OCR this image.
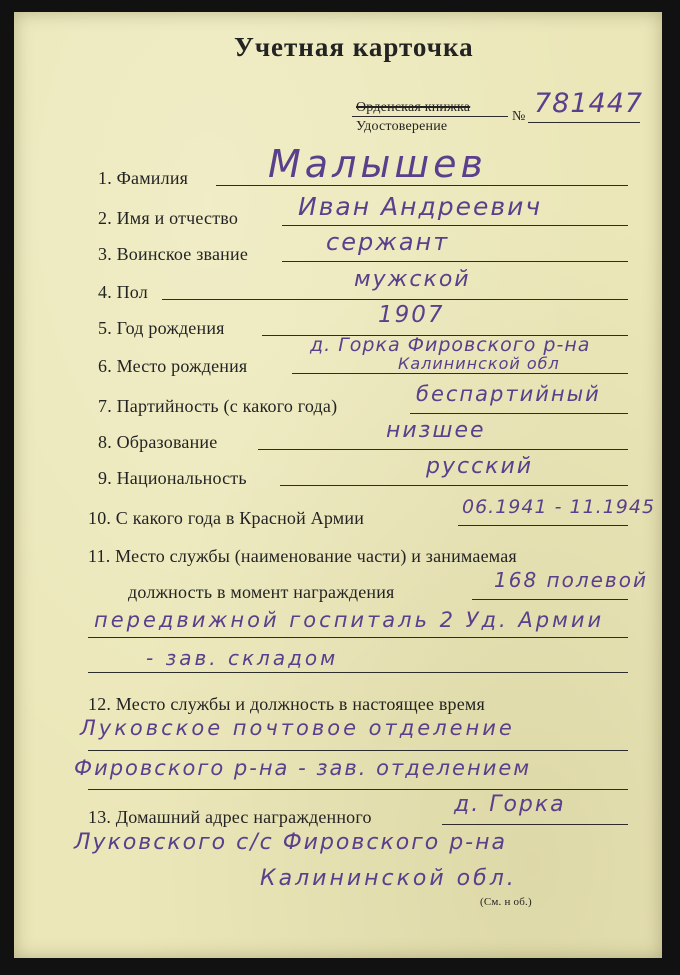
Учетная карточка
Орденская книжка
Удостоверение
№ 781447
1. Фамилия Малышев
2. Имя и отчество Иван Андреевич
3. Воинское звание	сержант
4. Пол	мужской
5. Год рождения	1907
6. Место рождения
д. Горка Фировского р-на
Калининской обл
7. Партийность (с какого года)	беспартийный
8. Образование	низшее
9. Национальность	русский
10. С какого года в Красной Армии	06.1941 - 11.1945
11. Место службы (наименование части) и занимаемая
должность в момент награждения	168 полевой
передвижной госпиталь 2 Уд. Армии
- зав. складом
12. Место службы и должность в настоящее время
Луковское почтовое отделение
Фировского р-на - зав. отделением
13. Домашний адрес награжденного	д. Горка
Луковского с/с Фировского р-на
Калининской обл.
(См. н об.)
